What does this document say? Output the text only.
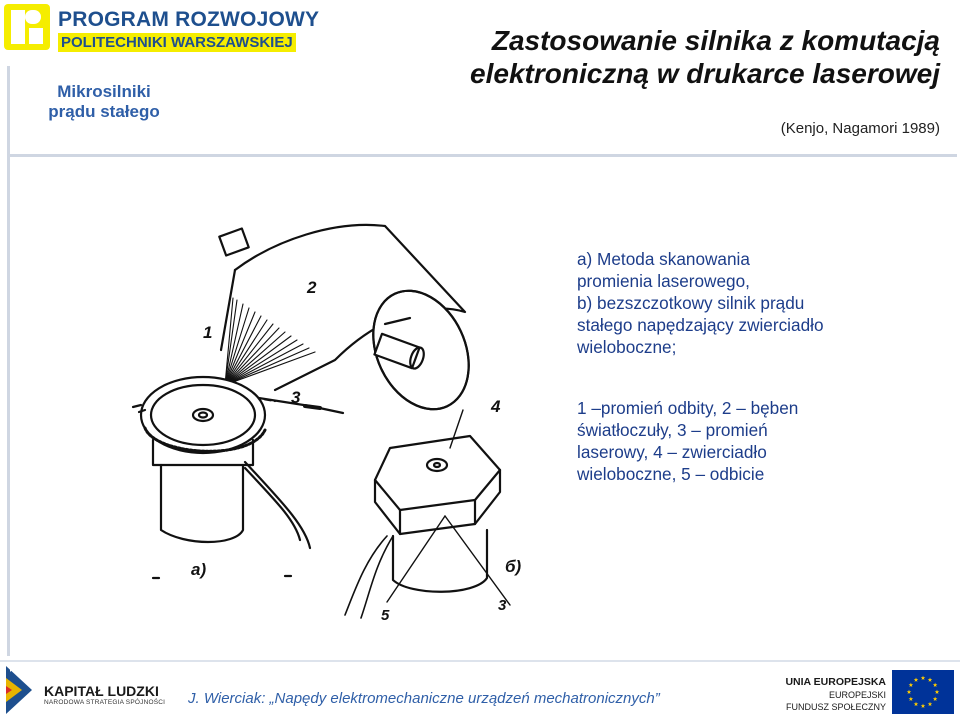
PROGRAM ROZWOJOWY
POLITECHNIKI WARSZAWSKIEJ
Mikrosilniki
prądu stałego
Zastosowanie silnika z komutacją
elektroniczną w drukarce laserowej
(Kenjo, Nagamori 1989)
2
1
3	4
5
3
a)	б)
a) Metoda skanowania
promienia laserowego,
b) bezszczotkowy silnik prądu
stałego napędzający zwierciadło
wieloboczne;
1 –promień odbity, 2 – bęben
światłoczuły, 3 – promień
laserowy, 4 – zwierciadło
wieloboczne, 5 – odbicie
KAPITAŁ LUDZKI
NARODOWA STRATEGIA SPÓJNOŚCI J. Wierciak: „Napędy elektromechaniczne urządzeń mechatronicznych”
UNIA EUROPEJSKA
EUROPEJSKI
FUNDUSZ SPOŁECZNY
